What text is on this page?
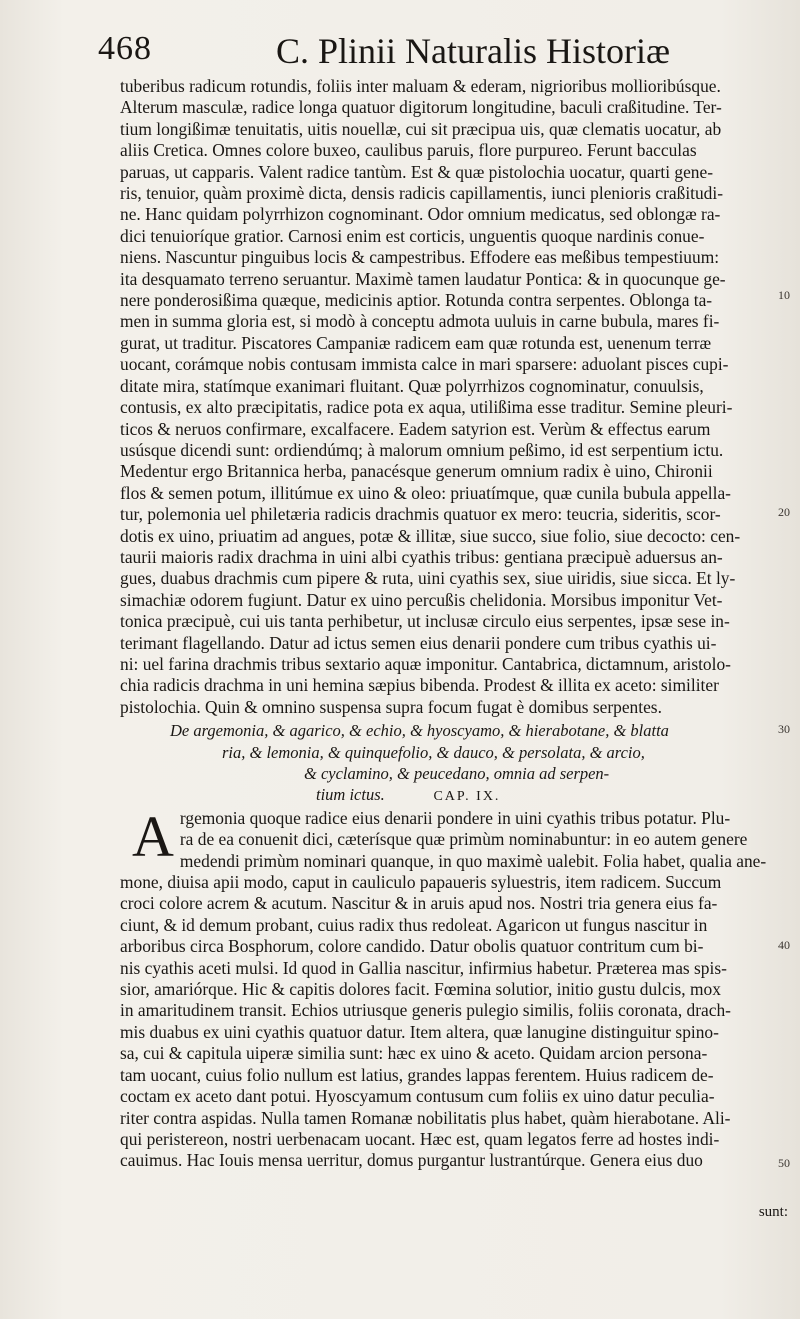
468	C. Plinii Naturalis Historiæ
tuberibus radicum rotundis, foliis inter maluam & ederam, nigrioribus mollioribúsque.
Alterum masculæ, radice longa quatuor digitorum longitudine, baculi craßitudine. Ter-
tium longißimæ tenuitatis, uitis nouellæ, cui sit præcipua uis, quæ clematis uocatur, ab
aliis Cretica. Omnes colore buxeo, caulibus paruis, flore purpureo. Ferunt bacculas
paruas, ut capparis. Valent radice tantùm. Est & quæ pistolochia uocatur, quarti gene-
ris, tenuior, quàm proximè dicta, densis radicis capillamentis, iunci plenioris craßitudi-
ne. Hanc quidam polyrrhizon cognominant. Odor omnium medicatus, sed oblongæ ra-
dici tenuioríque gratior. Carnosi enim est corticis, unguentis quoque nardinis conue-
niens. Nascuntur pinguibus locis & campestribus. Effodere eas meßibus tempestiuum:
ita desquamato terreno seruantur. Maximè tamen laudatur Pontica: & in quocunque ge-
nere ponderosißima quæque, medicinis aptior. Rotunda contra serpentes. Oblonga ta-
men in summa gloria est, si modò à conceptu admota uuluis in carne bubula, mares fi-
gurat, ut traditur. Piscatores Campaniæ radicem eam quæ rotunda est, uenenum terræ
uocant, corámque nobis contusam immista calce in mari sparsere: aduolant pisces cupi-
ditate mira, statímque exanimari fluitant. Quæ polyrrhizos cognominatur, conuulsis,
contusis, ex alto præcipitatis, radice pota ex aqua, utilißima esse traditur. Semine pleuri-
ticos & neruos confirmare, excalfacere. Eadem satyrion est. Verùm & effectus earum
usúsque dicendi sunt: ordiendúmq; à malorum omnium peßimo, id est serpentium ictu.
Medentur ergo Britannica herba, panacésque generum omnium radix è uino, Chironii
flos & semen potum, illitúmue ex uino & oleo: priuatímque, quæ cunila bubula appella-
tur, polemonia uel philetæria radicis drachmis quatuor ex mero: teucria, sideritis, scor-
dotis ex uino, priuatim ad angues, potæ & illitæ, siue succo, siue folio, siue decocto: cen-
taurii maioris radix drachma in uini albi cyathis tribus: gentiana præcipuè aduersus an-
gues, duabus drachmis cum pipere & ruta, uini cyathis sex, siue uiridis, siue sicca. Et ly-
simachiæ odorem fugiunt. Datur ex uino percußis chelidonia. Morsibus imponitur Vet-
tonica præcipuè, cui uis tanta perhibetur, ut inclusæ circulo eius serpentes, ipsæ sese in-
terimant flagellando. Datur ad ictus semen eius denarii pondere cum tribus cyathis ui-
ni: uel farina drachmis tribus sextario aquæ imponitur. Cantabrica, dictamnum, aristolo-
chia radicis drachma in uni hemina sæpius bibenda. Prodest & illita ex aceto: similiter
pistolochia. Quin & omnino suspensa supra focum fugat è domibus serpentes.
De argemonia, & agarico, & echio, & hyoscyamo, & hierabotane, & blatta
ria, & lemonia, & quinquefolio, & dauco, & persolata, & arcio,
& cyclamino, & peucedano, omnia ad serpen-
tium ictus.	CAP. IX.
A rgemonia quoque radice eius denarii pondere in uini cyathis tribus potatur. Plu-
ra de ea conuenit dici, cæterísque quæ primùm nominabuntur: in eo autem genere
medendi primùm nominari quanque, in quo maximè ualebit. Folia habet, qualia ane-
mone, diuisa apii modo, caput in cauliculo papaueris syluestris, item radicem. Succum
croci colore acrem & acutum. Nascitur & in aruis apud nos. Nostri tria genera eius fa-
ciunt, & id demum probant, cuius radix thus redoleat. Agaricon ut fungus nascitur in
arboribus circa Bosphorum, colore candido. Datur obolis quatuor contritum cum bi-
nis cyathis aceti mulsi. Id quod in Gallia nascitur, infirmius habetur. Præterea mas spis-
sior, amariórque. Hic & capitis dolores facit. Fœmina solutior, initio gustu dulcis, mox
in amaritudinem transit. Echios utriusque generis pulegio similis, foliis coronata, drach-
mis duabus ex uini cyathis quatuor datur. Item altera, quæ lanugine distinguitur spino-
sa, cui & capitula uiperæ similia sunt: hæc ex uino & aceto. Quidam arcion persona-
tam uocant, cuius folio nullum est latius, grandes lappas ferentem. Huius radicem de-
coctam ex aceto dant potui. Hyoscyamum contusum cum foliis ex uino datur peculia-
riter contra aspidas. Nulla tamen Romanæ nobilitatis plus habet, quàm hierabotane. Ali-
qui peristereon, nostri uerbenacam uocant. Hæc est, quam legatos ferre ad hostes indi-
cauimus. Hac Iouis mensa uerritur, domus purgantur lustrantúrque. Genera eius duo
10
20
30
40
50
sunt:
